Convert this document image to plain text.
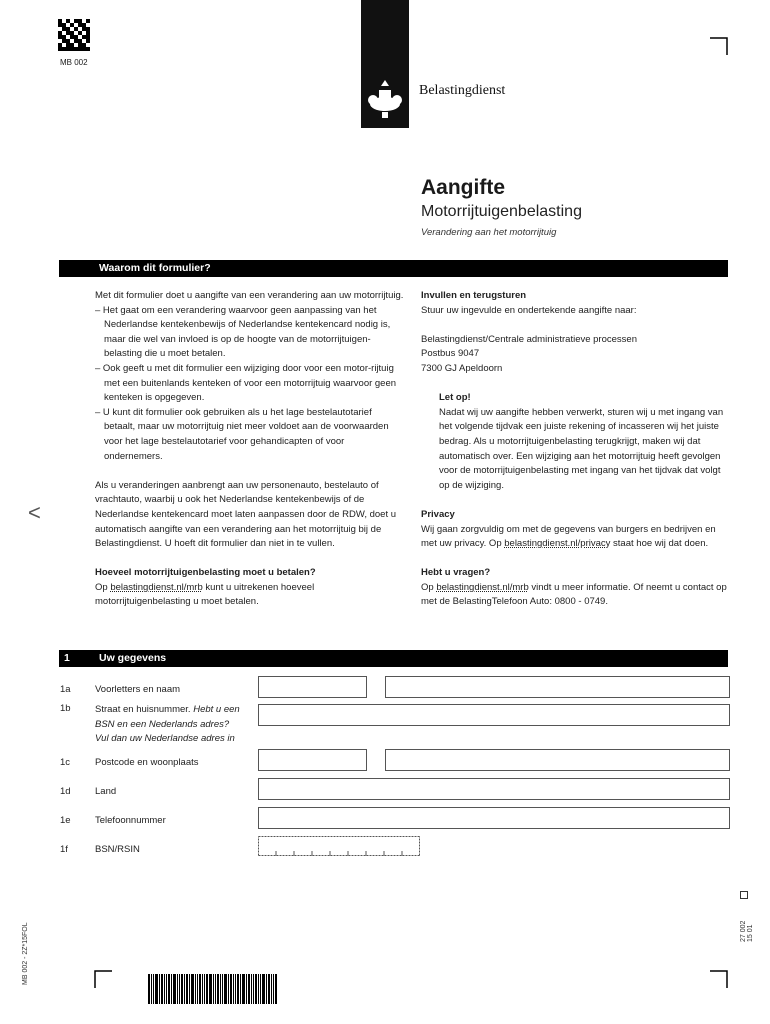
MB 002
Belastingdienst
Aangifte
Motorrijtuigenbelasting
Verandering aan het motorrijtuig
Waarom dit formulier?
<

Met dit formulier doet u aangifte van een verandering aan uw motorrijtuig.

– Het gaat om een verandering waarvoor geen aanpassing van het Nederlandse kentekenbewijs of Nederlandse kentekencard nodig is, maar die wel van invloed is op de hoogte van de motorrijtuigen-belasting die u moet betalen.

– Ook geeft u met dit formulier een wijziging door voor een motor-rijtuig met een buitenlands kenteken of voor een motorrijtuig waarvoor geen kenteken is opgegeven.

– U kunt dit formulier ook gebruiken als u het lage bestelautotarief betaalt, maar uw motorrijtuig niet meer voldoet aan de voorwaarden voor het lage bestelautotarief voor gehandicapten of voor ondernemers.

Als u veranderingen aanbrengt aan uw personenauto, bestelauto of vrachtauto, waarbij u ook het Nederlandse kentekenbewijs of de Nederlandse kentekencard moet laten aanpassen door de RDW, doet u automatisch aangifte van een verandering aan het motorrijtuig bij de Belastingdienst. U hoeft dit formulier dan niet in te vullen.

Hoeveel motorrijtuigenbelasting moet u betalen?

Op belastingdienst.nl/mrb kunt u uitrekenen hoeveel motorrijtuigenbelasting u moet betalen.

Invullen en terugsturen

Stuur uw ingevulde en ondertekende aangifte naar:

Belastingdienst/Centrale administratieve processen

Postbus 9047

7300 GJ Apeldoorn

Let op!

Nadat wij uw aangifte hebben verwerkt, sturen wij u met ingang van het volgende tijdvak een juiste rekening of incasseren wij het juiste bedrag. Als u motorrijtuigenbelasting terugkrijgt, maken wij dat automatisch over. Een wijziging aan het motorrijtuig heeft gevolgen voor de motorrijtuigenbelasting met ingang van het tijdvak dat volgt op de wijziging.

Privacy

Wij gaan zorgvuldig om met de gegevens van burgers en bedrijven en met uw privacy. Op belastingdienst.nl/privacy staat hoe wij dat doen.

Hebt u vragen?

Op belastingdienst.nl/mrb vindt u meer informatie. Of neemt u contact op met de BelastingTelefoon Auto: 0800 - 0749.

1	Uw gegevens
1a	Voorletters en naam
1b	Straat en huisnummer. Hebt u een BSN en een Nederlands adres? Vul dan uw Nederlandse adres in
1c	Postcode en woonplaats
1d	Land
1e	Telefoonnummer
1f	BSN/RSIN
MB 002 - 2Z*15FOL	27 002 15 01
